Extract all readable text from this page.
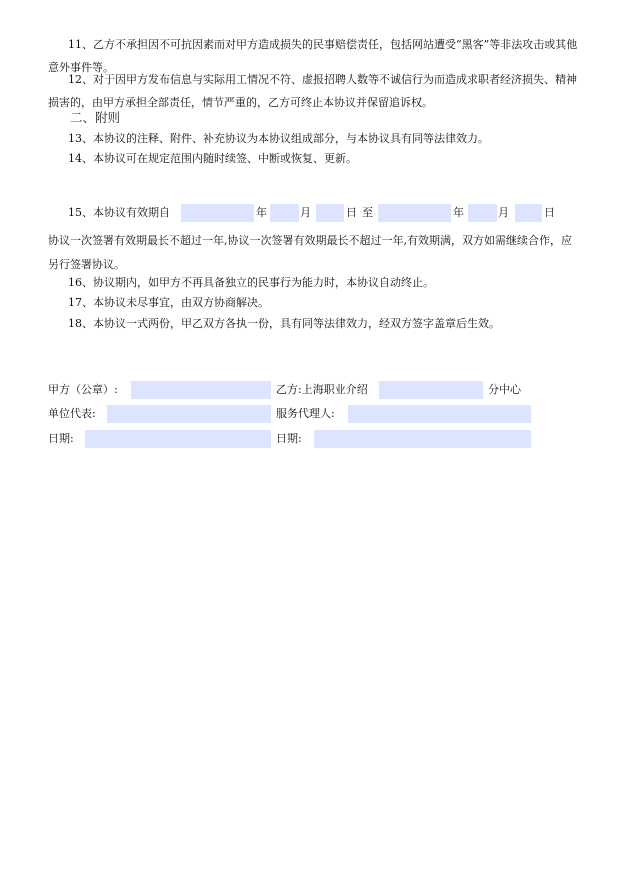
11、乙方不承担因不可抗因素而对甲方造成损失的民事赔偿责任，包括网站遭受“黑客”等非法攻击或其他意外事件等。

12、对于因甲方发布信息与实际用工情况不符、虚报招聘人数等不诚信行为而造成求职者经济损失、精神损害的，由甲方承担全部责任，情节严重的，乙方可终止本协议并保留追诉权。

二、附则

13、本协议的注释、附件、补充协议为本协议组成部分，与本协议具有同等法律效力。

14、本协议可在规定范围内随时续签、中断或恢复、更新。

15、本协议有效期自	年	月	日 至	年	月	日

协议一次签署有效期最长不超过一年,协议一次签署有效期最长不超过一年,有效期满，双方如需继续合作，应另行签署协议。

16、协议期内，如甲方不再具备独立的民事行为能力时，本协议自动终止。

17、本协议未尽事宜，由双方协商解决。

18、本协议一式两份，甲乙双方各执一份，具有同等法律效力，经双方签字盖章后生效。

甲方（公章）:	乙方:上海职业介绍	分中心
单位代表:	服务代理人:
日期:	日期:
